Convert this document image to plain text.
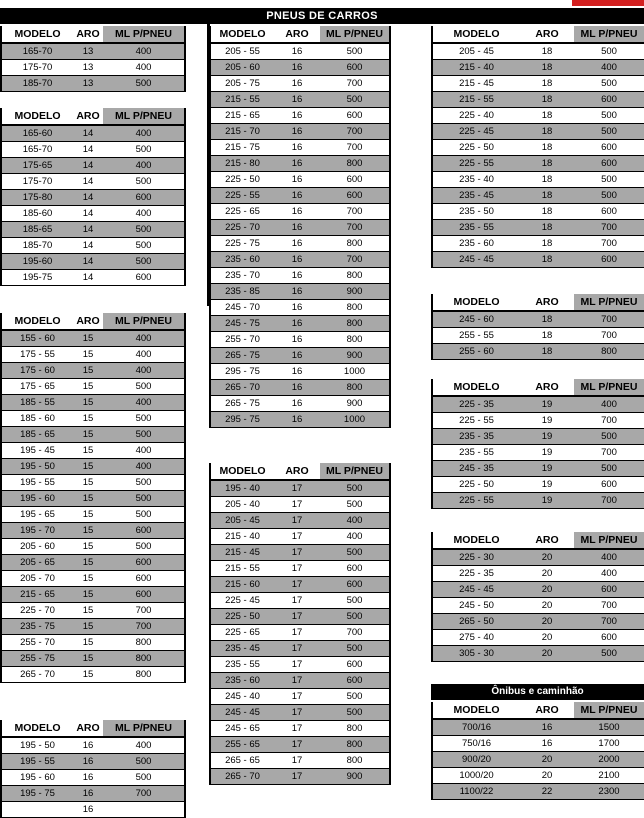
PNEUS DE CARROS
MODELO	ARO	ML P/PNEU
165-70	13	400
175-70	13	400
185-70	13	500
MODELO	ARO	ML P/PNEU
165-60	14	400
165-70	14	500
175-65	14	400
175-70	14	500
175-80	14	600
185-60	14	400
185-65	14	500
185-70	14	500
195-60	14	500
195-75	14	600
MODELO	ARO	ML P/PNEU
155 - 60	15	400
175 - 55	15	400
175 - 60	15	400
175 - 65	15	500
185 - 55	15	400
185 - 60	15	500
185 - 65	15	500
195 - 45	15	400
195 - 50	15	400
195 - 55	15	500
195 - 60	15	500
195 - 65	15	500
195 - 70	15	600
205 - 60	15	500
205 - 65	15	600
205 - 70	15	600
215 - 65	15	600
225 - 70	15	700
235 - 75	15	700
255 - 70	15	800
255 - 75	15	800
265 - 70	15	800
MODELO	ARO	ML P/PNEU
195 - 50	16	400
195 - 55	16	500
195 - 60	16	500
195 - 75	16	700
	16	
MODELO	ARO	ML P/PNEU
205 - 55	16	500
205 - 60	16	600
205 - 75	16	700
215 - 55	16	500
215 - 65	16	600
215 - 70	16	700
215 - 75	16	700
215 - 80	16	800
225 - 50	16	600
225 - 55	16	600
225 - 65	16	700
225 - 70	16	700
225 - 75	16	800
235 - 60	16	700
235 - 70	16	800
235 - 85	16	900
245 - 70	16	800
245 - 75	16	800
255 - 70	16	800
265 - 75	16	900
295 - 75	16	1000
265 - 70	16	800
265 - 75	16	900
295 - 75	16	1000
MODELO	ARO	ML P/PNEU
195 - 40	17	500
205 - 40	17	500
205 - 45	17	400
215 - 40	17	400
215 - 45	17	500
215 - 55	17	600
215 - 60	17	600
225 - 45	17	500
225 - 50	17	500
225 - 65	17	700
235 - 45	17	500
235 - 55	17	600
235 - 60	17	600
245 - 40	17	500
245 - 45	17	500
245 - 65	17	800
255 - 65	17	800
265 - 65	17	800
265 - 70	17	900
MODELO	ARO	ML P/PNEU
205 - 45	18	500
215 - 40	18	400
215 - 45	18	500
215 - 55	18	600
225 - 40	18	500
225 - 45	18	500
225 - 50	18	600
225 - 55	18	600
235 - 40	18	500
235 - 45	18	500
235 - 50	18	600
235 - 55	18	700
235 - 60	18	700
245 - 45	18	600
MODELO	ARO	ML P/PNEU
245 - 60	18	700
255 - 55	18	700
255 - 60	18	800
MODELO	ARO	ML P/PNEU
225 - 35	19	400
225 - 55	19	700
235 - 35	19	500
235 - 55	19	700
245 - 35	19	500
225 - 50	19	600
225 - 55	19	700
MODELO	ARO	ML P/PNEU
225 - 30	20	400
225 - 35	20	400
245 - 45	20	600
245 - 50	20	700
265 - 50	20	700
275 - 40	20	600
305 - 30	20	500
Ônibus e caminhão
MODELO	ARO	ML P/PNEU
700/16	16	1500
750/16	16	1700
900/20	20	2000
1000/20	20	2100
1100/22	22	2300
